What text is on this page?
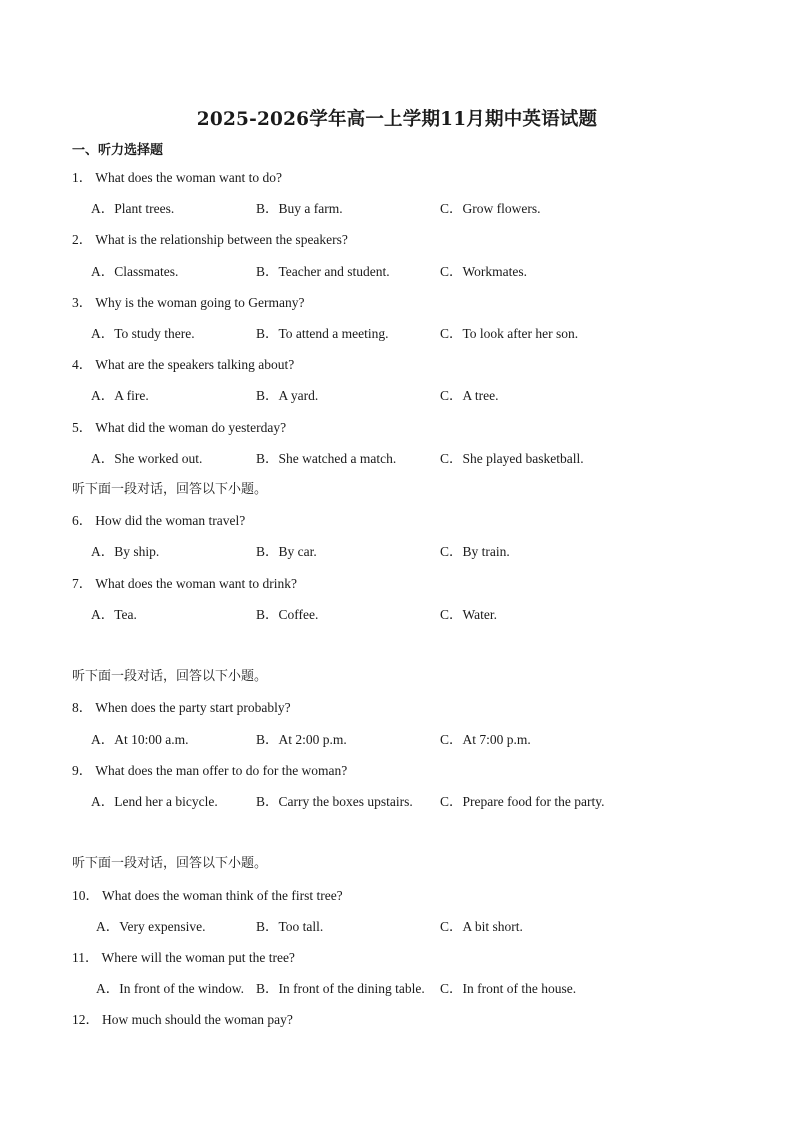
2025-2026学年高一上学期11月期中英语试题
一、听力选择题
1． What does the woman want to do?
A．Plant trees.	B．Buy a farm.	C．Grow flowers.
2． What is the relationship between the speakers?
A．Classmates.	B．Teacher and student.	C．Workmates.
3． Why is the woman going to Germany?
A．To study there.	B．To attend a meeting.	C．To look after her son.
4． What are the speakers talking about?
A．A fire.	B．A yard.	C．A tree.
5． What did the woman do yesterday?
A．She worked out.	B．She watched a match.	C．She played basketball.
听下面一段对话，回答以下小题。
6． How did the woman travel?
A．By ship.	B．By car.	C．By train.
7． What does the woman want to drink?
A．Tea.	B．Coffee.	C．Water.
听下面一段对话，回答以下小题。
8． When does the party start probably?
A．At 10:00 a.m.	B．At 2:00 p.m.	C．At 7:00 p.m.
9． What does the man offer to do for the woman?
A．Lend her a bicycle.	B．Carry the boxes upstairs. C．Prepare food for the party.
听下面一段对话，回答以下小题。
10． What does the woman think of the first tree?
A．Very expensive.	B．Too tall.	C．A bit short.
11． Where will the woman put the tree?
A．In front of the window. B．In front of the dining table. C．In front of the house.
12． How much should the woman pay?
